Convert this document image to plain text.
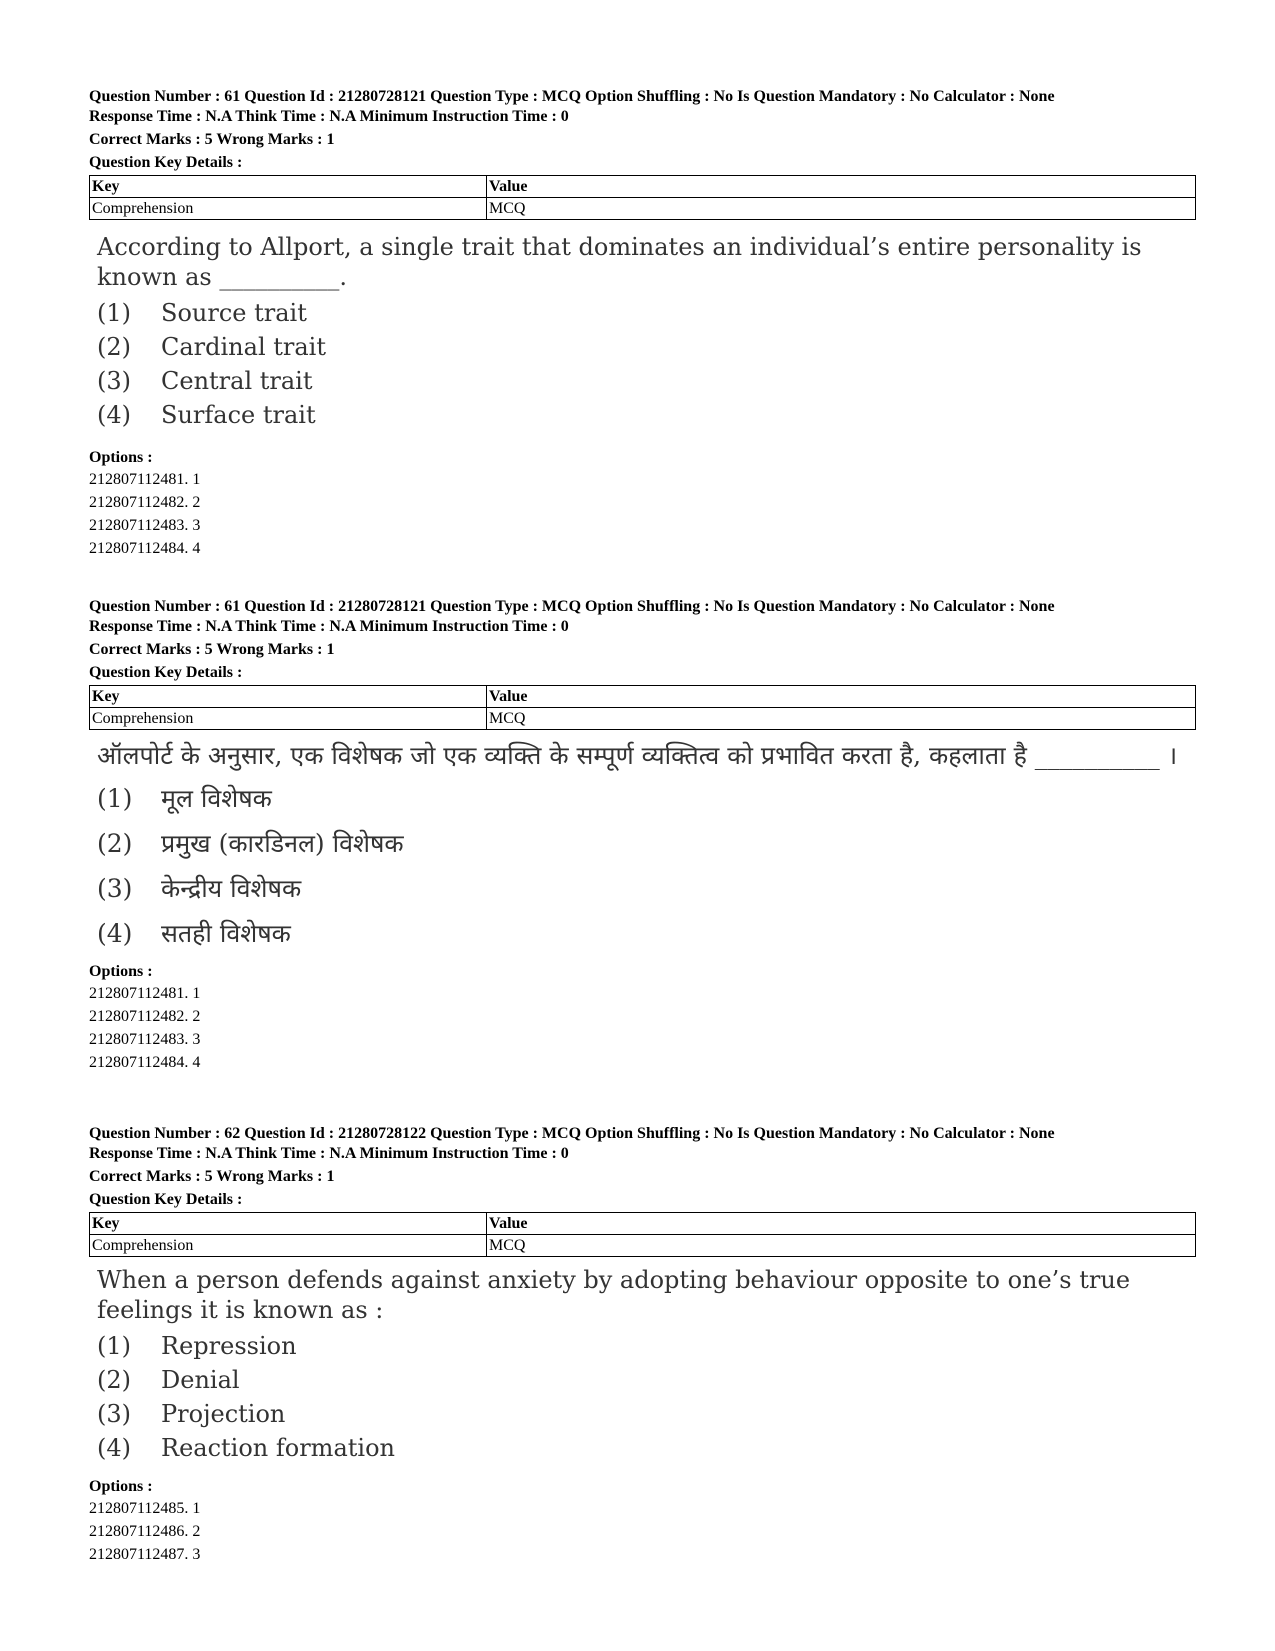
Question Number : 61 Question Id : 21280728121 Question Type : MCQ Option Shuffling : No Is Question Mandatory : No Calculator : None

Response Time : N.A Think Time : N.A Minimum Instruction Time : 0

Correct Marks : 5 Wrong Marks : 1

Question Key Details :

Key	Value
Comprehension	MCQ

According to Allport, a single trait that dominates an individual’s entire personality is known as __________.

(1)	Source trait
(2)	Cardinal trait
(3)	Central trait
(4)	Surface trait
Options :
212807112481. 1
212807112482. 2
212807112483. 3
212807112484. 4

Question Number : 61 Question Id : 21280728121 Question Type : MCQ Option Shuffling : No Is Question Mandatory : No Calculator : None

Response Time : N.A Think Time : N.A Minimum Instruction Time : 0

Correct Marks : 5 Wrong Marks : 1

Question Key Details :

Key	Value
Comprehension	MCQ

ऑलपोर्ट के अनुसार, एक विशेषक जो एक व्यक्ति के सम्पूर्ण व्यक्तित्व को प्रभावित करता है, कहलाता है __________ ।

(1)	मूल विशेषक
(2)	प्रमुख (कारडिनल) विशेषक
(3)	केन्द्रीय विशेषक
(4)	सतही विशेषक
Options :
212807112481. 1
212807112482. 2
212807112483. 3
212807112484. 4

Question Number : 62 Question Id : 21280728122 Question Type : MCQ Option Shuffling : No Is Question Mandatory : No Calculator : None

Response Time : N.A Think Time : N.A Minimum Instruction Time : 0

Correct Marks : 5 Wrong Marks : 1

Question Key Details :

Key	Value
Comprehension	MCQ

When a person defends against anxiety by adopting behaviour opposite to one’s true feelings it is known as :

(1)	Repression
(2)	Denial
(3)	Projection
(4)	Reaction formation
Options :
212807112485. 1
212807112486. 2
212807112487. 3
